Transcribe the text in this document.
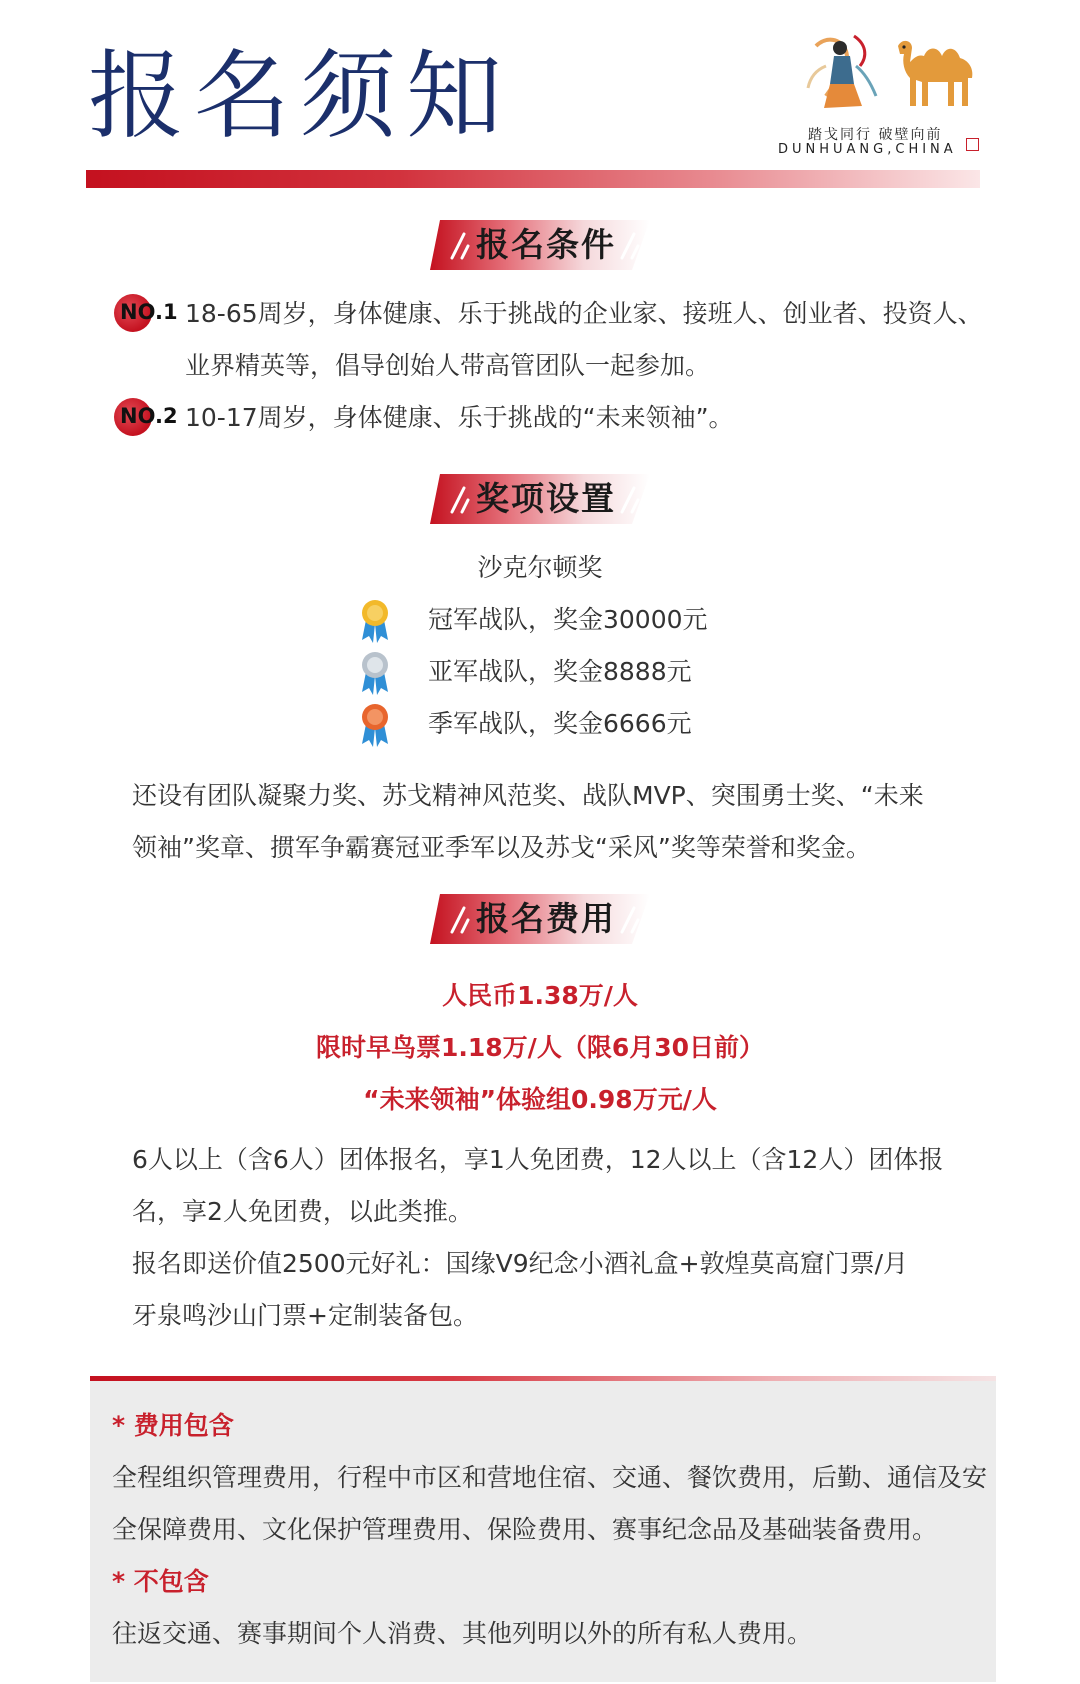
报名须知	踏戈同行 破壁向前
DUNHUANG,CHINA
报名条件
NO.1 18-65周岁，身体健康、乐于挑战的企业家、接班人、创业者、投资人、
业界精英等，倡导创始人带高管团队一起参加。
NO.2 10-17周岁，身体健康、乐于挑战的“未来领袖”。
奖项设置
沙克尔顿奖
冠军战队，奖金30000元
亚军战队，奖金8888元
季军战队，奖金6666元
还设有团队凝聚力奖、苏戈精神风范奖、战队MVP、突围勇士奖、“未来
领袖”奖章、掼军争霸赛冠亚季军以及苏戈“采风”奖等荣誉和奖金。
报名费用
人民币1.38万/人
限时早鸟票1.18万/人（限6月30日前）
“未来领袖”体验组0.98万元/人
6人以上（含6人）团体报名，享1人免团费，12人以上（含12人）团体报
名，享2人免团费，以此类推。
报名即送价值2500元好礼：国缘V9纪念小酒礼盒+敦煌莫高窟门票/月
牙泉鸣沙山门票+定制装备包。
* 费用包含
全程组织管理费用，行程中市区和营地住宿、交通、餐饮费用，后勤、通信及安
全保障费用、文化保护管理费用、保险费用、赛事纪念品及基础装备费用。
* 不包含
往返交通、赛事期间个人消费、其他列明以外的所有私人费用。
